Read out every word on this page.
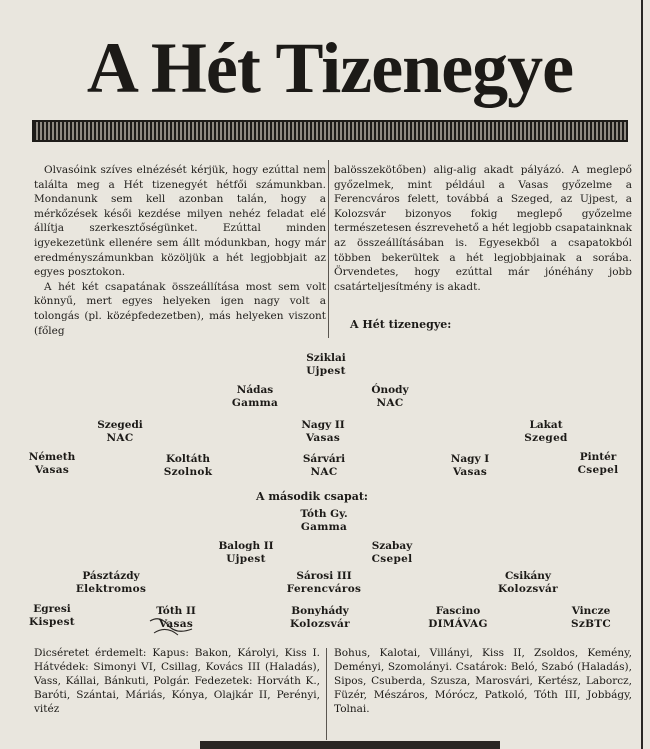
A Hét Tizenegye

Olvasóink szíves elnézését kérjük, hogy ezúttal nem találta meg a Hét tizenegyét hétfői számunkban. Mondanunk sem kell azonban talán, hogy a mérkőzések késői kezdése milyen nehéz feladat elé állítja szerkesztőségünket. Ezúttal minden igyekezetünk ellenére sem állt módunkban, hogy már eredményszámunkban közöljük a hét legjobbjait az egyes posztokon.

A hét két csapatának összeállítása most sem volt könnyű, mert egyes helyeken igen nagy volt a tolongás (pl. középfedezetben), más helyeken viszont (főleg

balösszekötőben) alig-alig akadt pályázó. A meglepő győzelmek, mint például a Vasas győzelme a Ferencváros felett, továbbá a Szeged, az Ujpest, a Kolozsvár bizonyos fokig meglepő győzelme természetesen észrevehető a hét legjobb csapatainknak az összeállításában is. Egyesekből a csapatokból többen bekerültek a hét legjobbjainak a sorába. Örvendetes, hogy ezúttal már jónéhány jobb csatárteljesítmény is akadt.

A Hét tizenegye:
Sziklai
Ujpest
Nádas
Gamma
Ónody
NAC
Szegedi
NAC
Nagy II
Vasas
Lakat
Szeged
Németh
Vasas
Koltáth
Szolnok
Sárvári
NAC
Nagy I
Vasas
Pintér
Csepel
A második csapat:
Tóth Gy.
Gamma
Balogh II
Ujpest
Szabay
Csepel
Pásztázdy
Elektromos
Sárosi III
Ferencváros
Csikány
Kolozsvár
Egresi
Kispest
Tóth II
Vasas
Bonyhády
Kolozsvár
Fascino
DIMÁVAG
Vincze
SzBTC

Dicséretet érdemelt: Kapus: Bakon, Károlyi, Kiss I. Hátvédek: Simonyi VI, Csillag, Kovács III (Haladás), Vass, Kállai, Bánkuti, Polgár. Fedezetek: Horváth K., Baróti, Szántai, Máriás, Kónya, Olajkár II, Perényi, vitéz

Bohus, Kalotai, Villányi, Kiss II, Zsoldos, Kemény, Deményi, Szomolányi. Csatárok: Beló, Szabó (Haladás), Sipos, Csuberda, Szusza, Marosvári, Kertész, Laborcz, Füzér, Mészáros, Mórócz, Patkoló, Tóth III, Jobbágy, Tolnai.
